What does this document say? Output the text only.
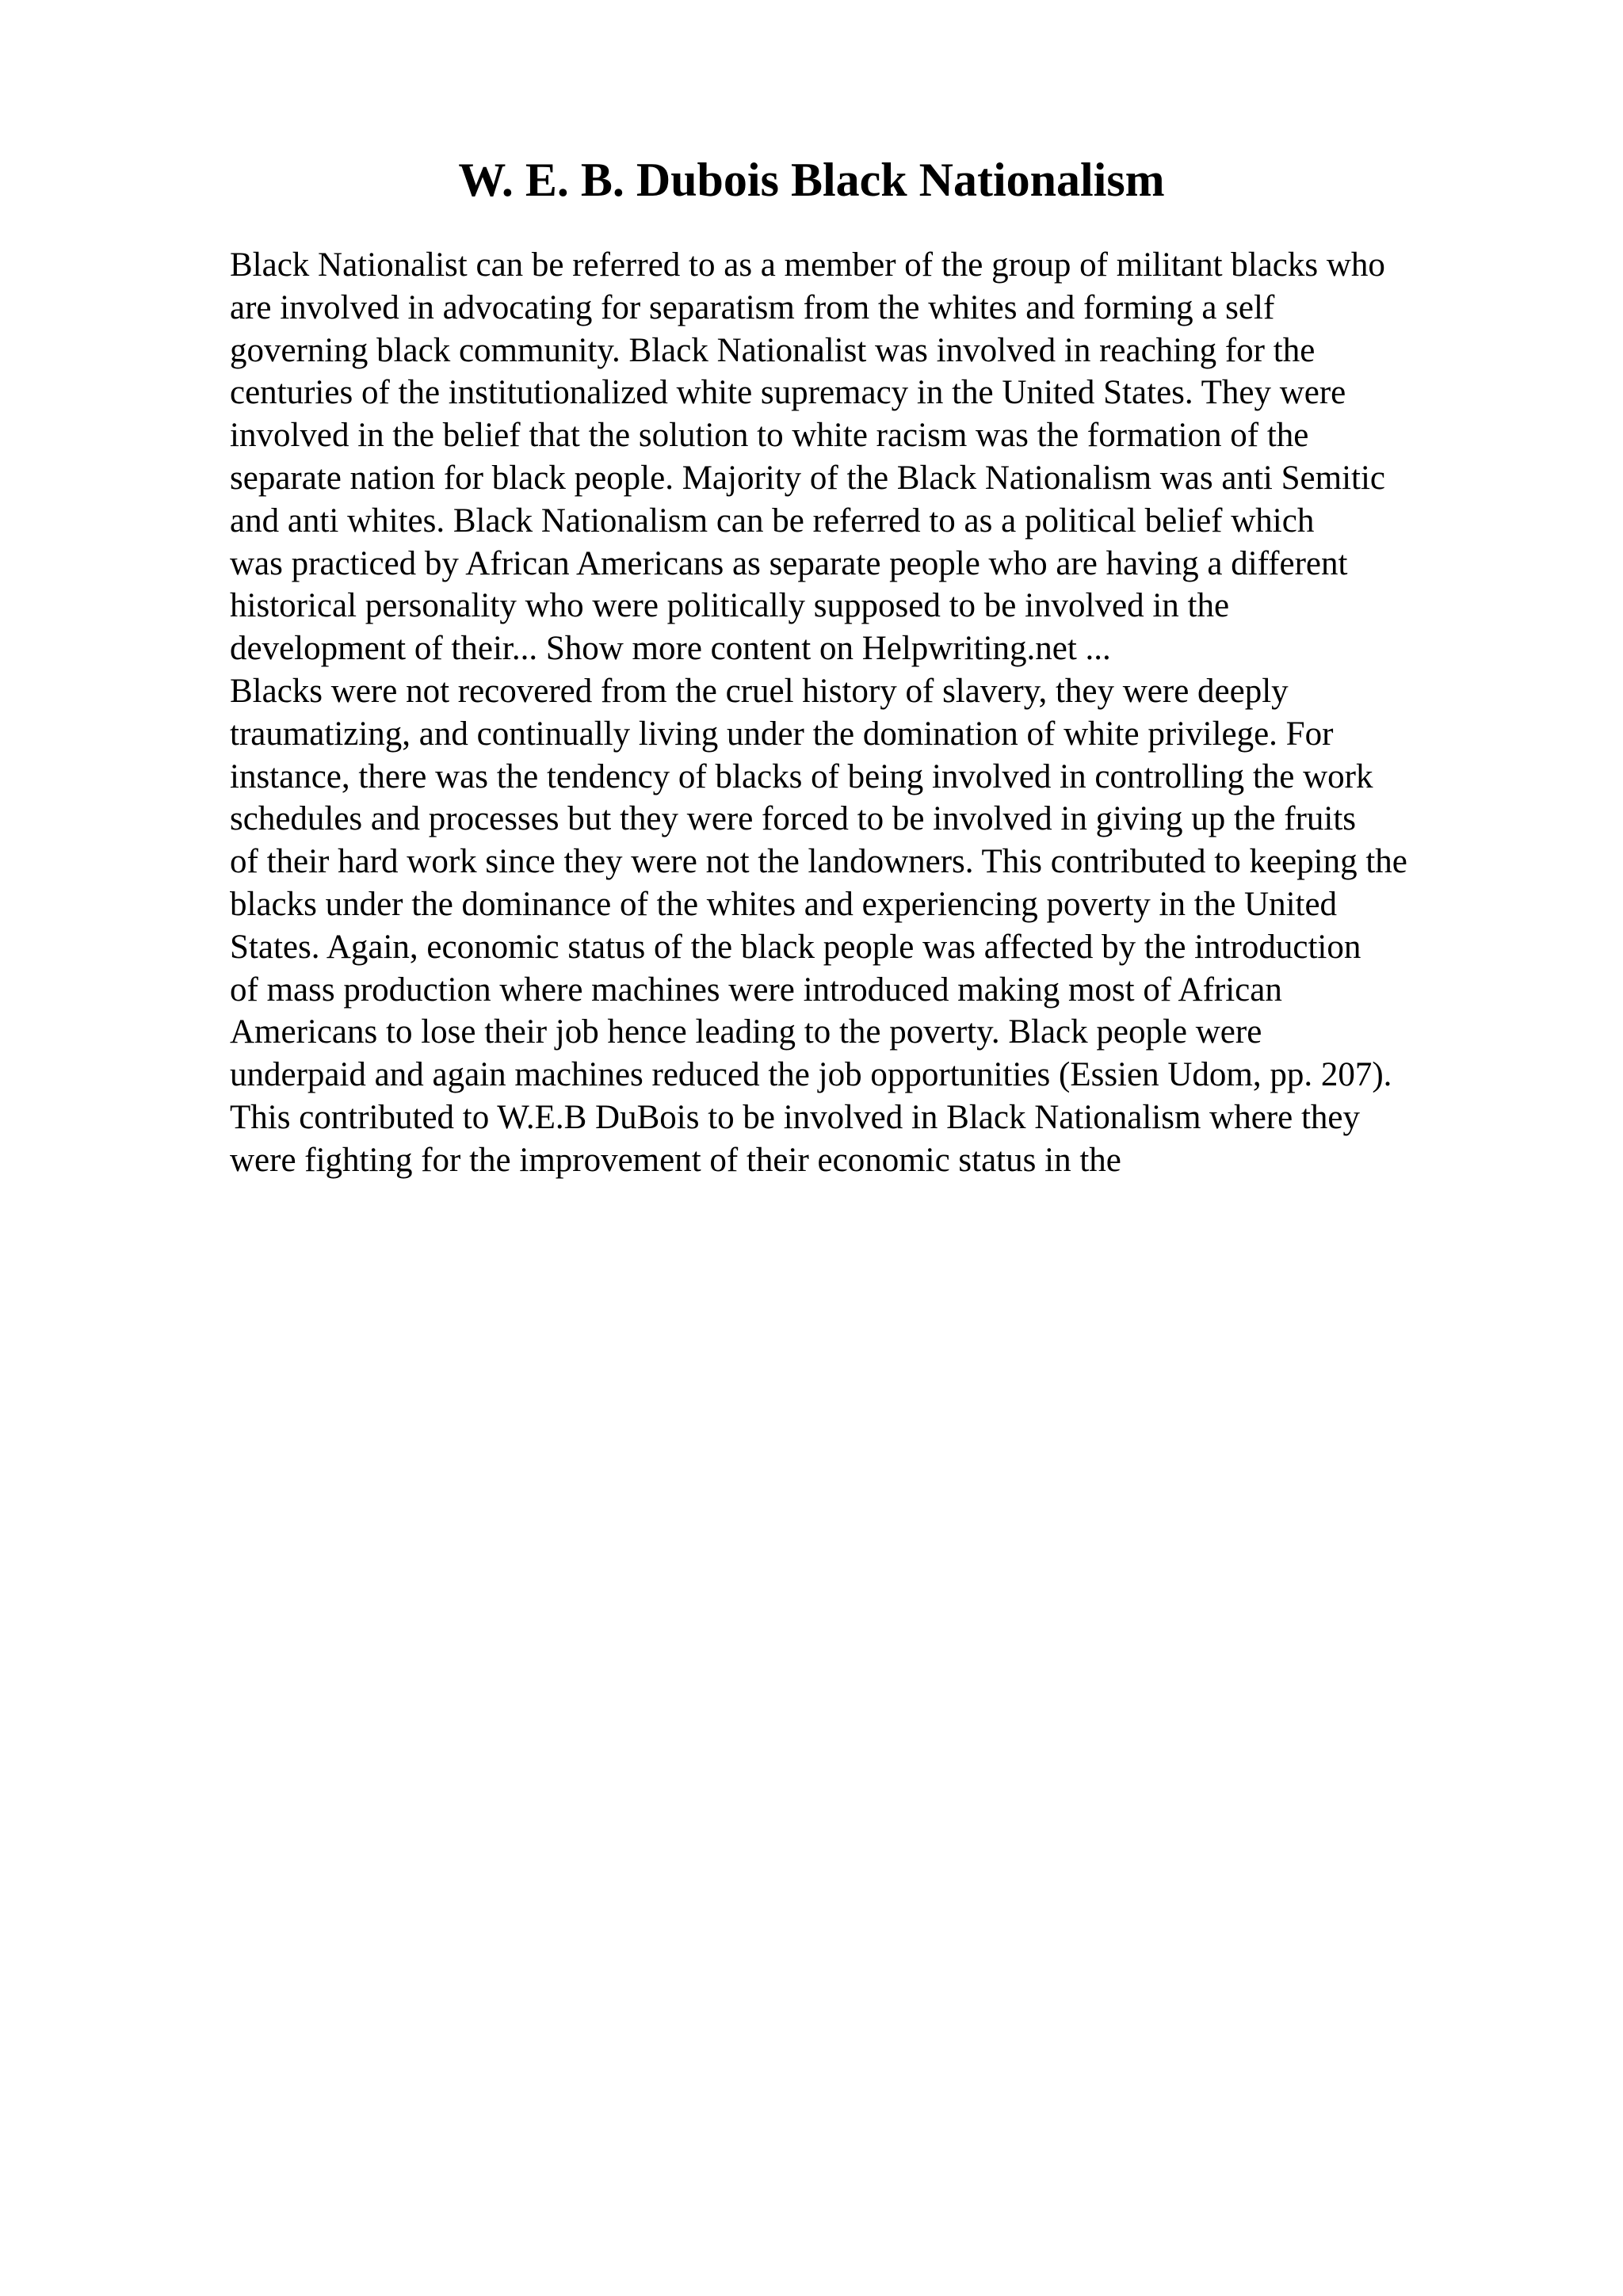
W. E. B. Dubois Black Nationalism
Black Nationalist can be referred to as a member of the group of militant blacks who
are involved in advocating for separatism from the whites and forming a self
governing black community. Black Nationalist was involved in reaching for the
centuries of the institutionalized white supremacy in the United States. They were
involved in the belief that the solution to white racism was the formation of the
separate nation for black people. Majority of the Black Nationalism was anti Semitic
and anti whites. Black Nationalism can be referred to as a political belief which
was practiced by African Americans as separate people who are having a different
historical personality who were politically supposed to be involved in the
development of their... Show more content on Helpwriting.net ...
Blacks were not recovered from the cruel history of slavery, they were deeply
traumatizing, and continually living under the domination of white privilege. For
instance, there was the tendency of blacks of being involved in controlling the work
schedules and processes but they were forced to be involved in giving up the fruits
of their hard work since they were not the landowners. This contributed to keeping the
blacks under the dominance of the whites and experiencing poverty in the United
States. Again, economic status of the black people was affected by the introduction
of mass production where machines were introduced making most of African
Americans to lose their job hence leading to the poverty. Black people were
underpaid and again machines reduced the job opportunities (Essien Udom, pp. 207).
This contributed to W.E.B DuBois to be involved in Black Nationalism where they
were fighting for the improvement of their economic status in the
